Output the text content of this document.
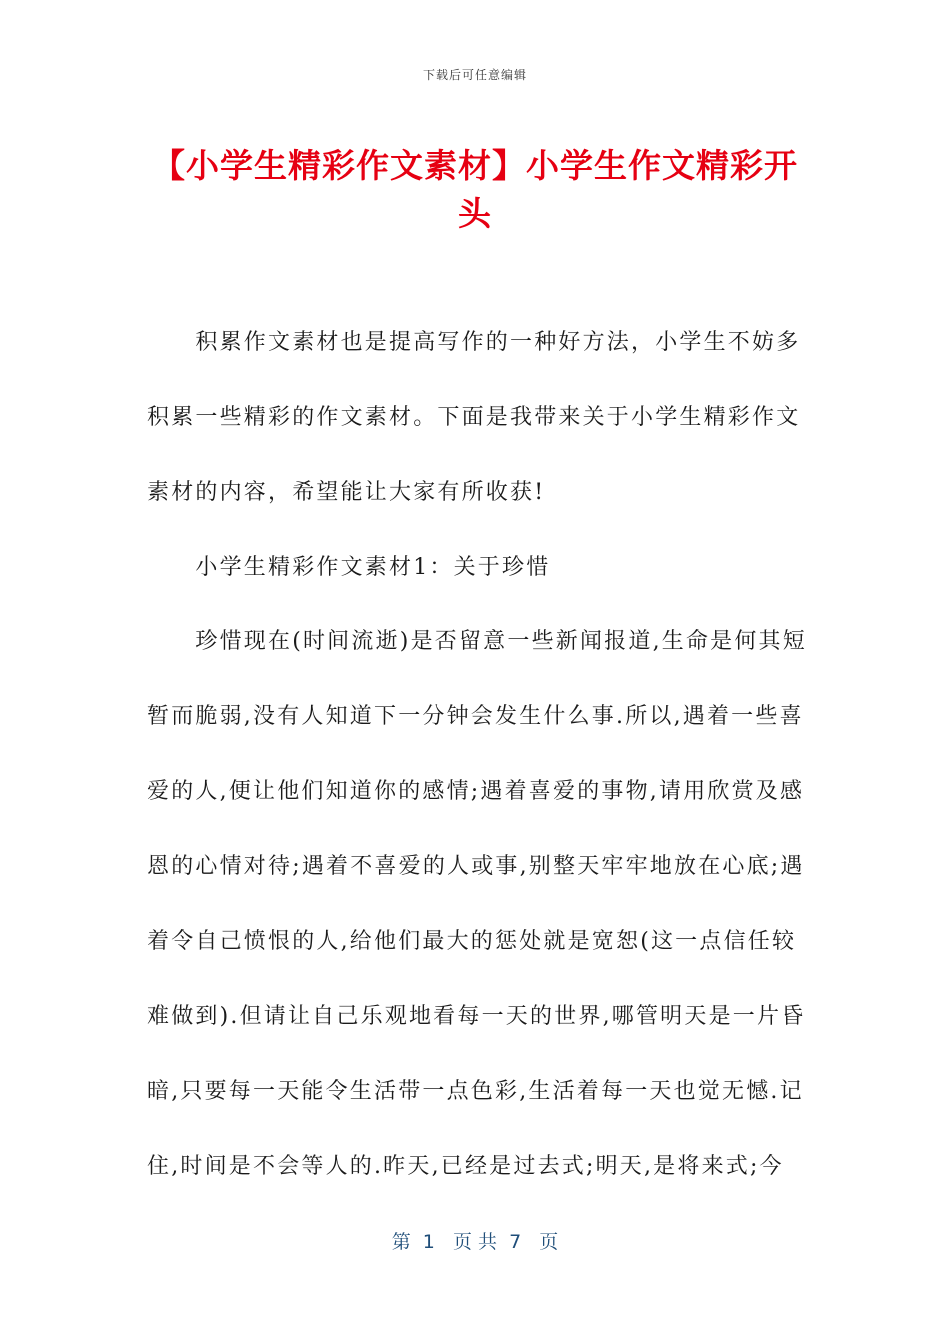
下载后可任意编辑
【小学生精彩作文素材】小学生作文精彩开
头
　　积累作文素材也是提高写作的一种好方法，小学生不妨多
积累一些精彩的作文素材。下面是我带来关于小学生精彩作文
素材的内容，希望能让大家有所收获!
　　小学生精彩作文素材1：关于珍惜
　　珍惜现在(时间流逝)是否留意一些新闻报道,生命是何其短
暂而脆弱,没有人知道下一分钟会发生什么事.所以,遇着一些喜
爱的人,便让他们知道你的感情;遇着喜爱的事物,请用欣赏及感
恩的心情对待;遇着不喜爱的人或事,别整天牢牢地放在心底;遇
着令自己愤恨的人,给他们最大的惩处就是宽恕(这一点信任较
难做到).但请让自己乐观地看每一天的世界,哪管明天是一片昏
暗,只要每一天能令生活带一点色彩,生活着每一天也觉无憾.记
住,时间是不会等人的.昨天,已经是过去式;明天,是将来式;今
第  1   页 共  7   页
